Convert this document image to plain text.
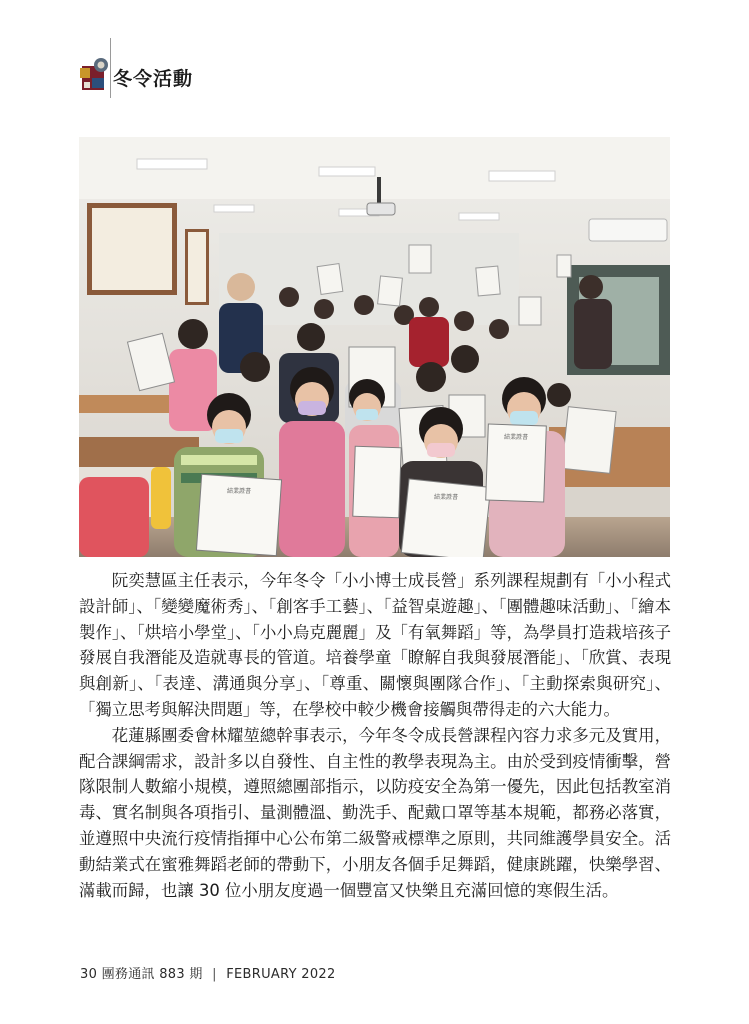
冬令活動
結業證書
結業證書
結業證書

阮奕慧區主任表示，今年冬令「小小博士成長營」系列課程規劃有「小小程式設計師」、「變變魔術秀」、「創客手工藝」、「益智桌遊趣」、「團體趣味活動」、「繪本製作」、「烘培小學堂」、「小小烏克麗麗」及「有氧舞蹈」等，為學員打造栽培孩子發展自我潛能及造就專長的管道。培養學童「瞭解自我與發展潛能」、「欣賞、表現與創新」、「表達、溝通與分享」、「尊重、關懷與團隊合作」、「主動探索與研究」、「獨立思考與解決問題」等，在學校中較少機會接觸與帶得走的六大能力。

花蓮縣團委會林耀堃總幹事表示，今年冬令成長營課程內容力求多元及實用，配合課綱需求，設計多以自發性、自主性的教學表現為主。由於受到疫情衝擊，營隊限制人數縮小規模，遵照總團部指示，以防疫安全為第一優先，因此包括教室消毒、實名制與各項指引、量測體溫、勤洗手、配戴口罩等基本規範，都務必落實，並遵照中央流行疫情指揮中心公布第二級警戒標準之原則，共同維護學員安全。活動結業式在蜜雅舞蹈老師的帶動下，小朋友各個手足舞蹈，健康跳躍，快樂學習、滿載而歸，也讓 30 位小朋友度過一個豐富又快樂且充滿回憶的寒假生活。

30 團務通訊 883 期 | FEBRUARY 2022
